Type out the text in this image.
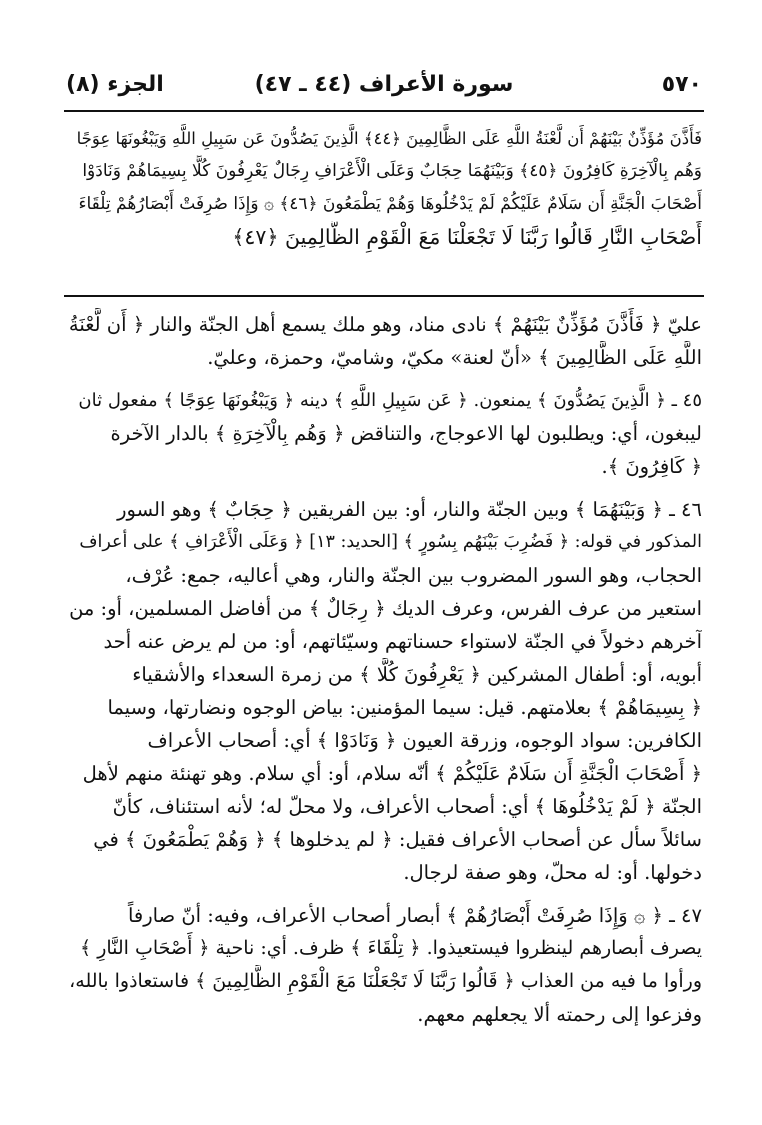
٥٧٠
سورة الأعراف (٤٤ ـ ٤٧)
الجزء (٨)
فَأَذَّنَ مُؤَذِّنٌ بَيْنَهُمْ أَن لَّعْنَةُ اللَّهِ عَلَى الظَّالِمِينَ ﴿٤٤﴾ الَّذِينَ يَصُدُّونَ عَن سَبِيلِ اللَّهِ وَيَبْغُونَهَا عِوَجًا
وَهُم بِالْآخِرَةِ كَافِرُونَ ﴿٤٥﴾ وَبَيْنَهُمَا حِجَابٌ وَعَلَى الْأَعْرَافِ رِجَالٌ يَعْرِفُونَ كُلًّا بِسِيمَاهُمْ وَنَادَوْا
أَصْحَابَ الْجَنَّةِ أَن سَلَامٌ عَلَيْكُمْ لَمْ يَدْخُلُوهَا وَهُمْ يَطْمَعُونَ ﴿٤٦﴾ ۞ وَإِذَا صُرِفَتْ أَبْصَارُهُمْ تِلْقَاءَ
أَصْحَابِ النَّارِ قَالُوا رَبَّنَا لَا تَجْعَلْنَا مَعَ الْقَوْمِ الظَّالِمِينَ ﴿٤٧﴾
عليّ ﴿ فَأَذَّنَ مُؤَذِّنٌ بَيْنَهُمْ ﴾ نادى مناد، وهو ملك يسمع أهل الجنّة والنار ﴿ أَن لَّعْنَةُ
اللَّهِ عَلَى الظَّالِمِينَ ﴾ «أنّ لعنة» مكيّ، وشاميّ، وحمزة، وعليّ.
٤٥ ـ ﴿ الَّذِينَ يَصُدُّونَ ﴾ يمنعون. ﴿ عَن سَبِيلِ اللَّهِ ﴾ دينه ﴿ وَيَبْغُونَهَا عِوَجًا ﴾ مفعول ثان
ليبغون، أي: ويطلبون لها الاعوجاج، والتناقض ﴿ وَهُم بِالْآخِرَةِ ﴾ بالدار الآخرة
﴿ كَافِرُونَ ﴾.
٤٦ ـ ﴿ وَبَيْنَهُمَا ﴾ وبين الجنّة والنار، أو: بين الفريقين ﴿ حِجَابٌ ﴾ وهو السور
المذكور في قوله: ﴿ فَضُرِبَ بَيْنَهُم بِسُورٍ ﴾ [الحديد: ١٣] ﴿ وَعَلَى الْأَعْرَافِ ﴾ على أعراف
الحجاب، وهو السور المضروب بين الجنّة والنار، وهي أعاليه، جمع: عُرْف،
استعير من عرف الفرس، وعرف الديك ﴿ رِجَالٌ ﴾ من أفاضل المسلمين، أو: من
آخرهم دخولاً في الجنّة لاستواء حسناتهم وسيّئاتهم، أو: من لم يرض عنه أحد
أبويه، أو: أطفال المشركين ﴿ يَعْرِفُونَ كُلًّا ﴾ من زمرة السعداء والأشقياء
﴿ بِسِيمَاهُمْ ﴾ بعلامتهم. قيل: سيما المؤمنين: بياض الوجوه ونضارتها، وسيما
الكافرين: سواد الوجوه، وزرقة العيون ﴿ وَنَادَوْا ﴾ أي: أصحاب الأعراف
﴿ أَصْحَابَ الْجَنَّةِ أَن سَلَامٌ عَلَيْكُمْ ﴾ أنّه سلام، أو: أي سلام. وهو تهنئة منهم لأهل
الجنّة ﴿ لَمْ يَدْخُلُوهَا ﴾ أي: أصحاب الأعراف، ولا محلّ له؛ لأنه استئناف، كأنّ
سائلاً سأل عن أصحاب الأعراف فقيل: ﴿ لم يدخلوها ﴾ ﴿ وَهُمْ يَطْمَعُونَ ﴾ في
دخولها. أو: له محلّ، وهو صفة لرجال.
٤٧ ـ ﴿ ۞ وَإِذَا صُرِفَتْ أَبْصَارُهُمْ ﴾ أبصار أصحاب الأعراف، وفيه: أنّ صارفاً
يصرف أبصارهم لينظروا فيستعيذوا. ﴿ تِلْقَاءَ ﴾ ظرف. أي: ناحية ﴿ أَصْحَابِ النَّارِ ﴾
ورأوا ما فيه من العذاب ﴿ قَالُوا رَبَّنَا لَا تَجْعَلْنَا مَعَ الْقَوْمِ الظَّالِمِينَ ﴾ فاستعاذوا بالله،
وفزعوا إلى رحمته ألا يجعلهم معهم.
